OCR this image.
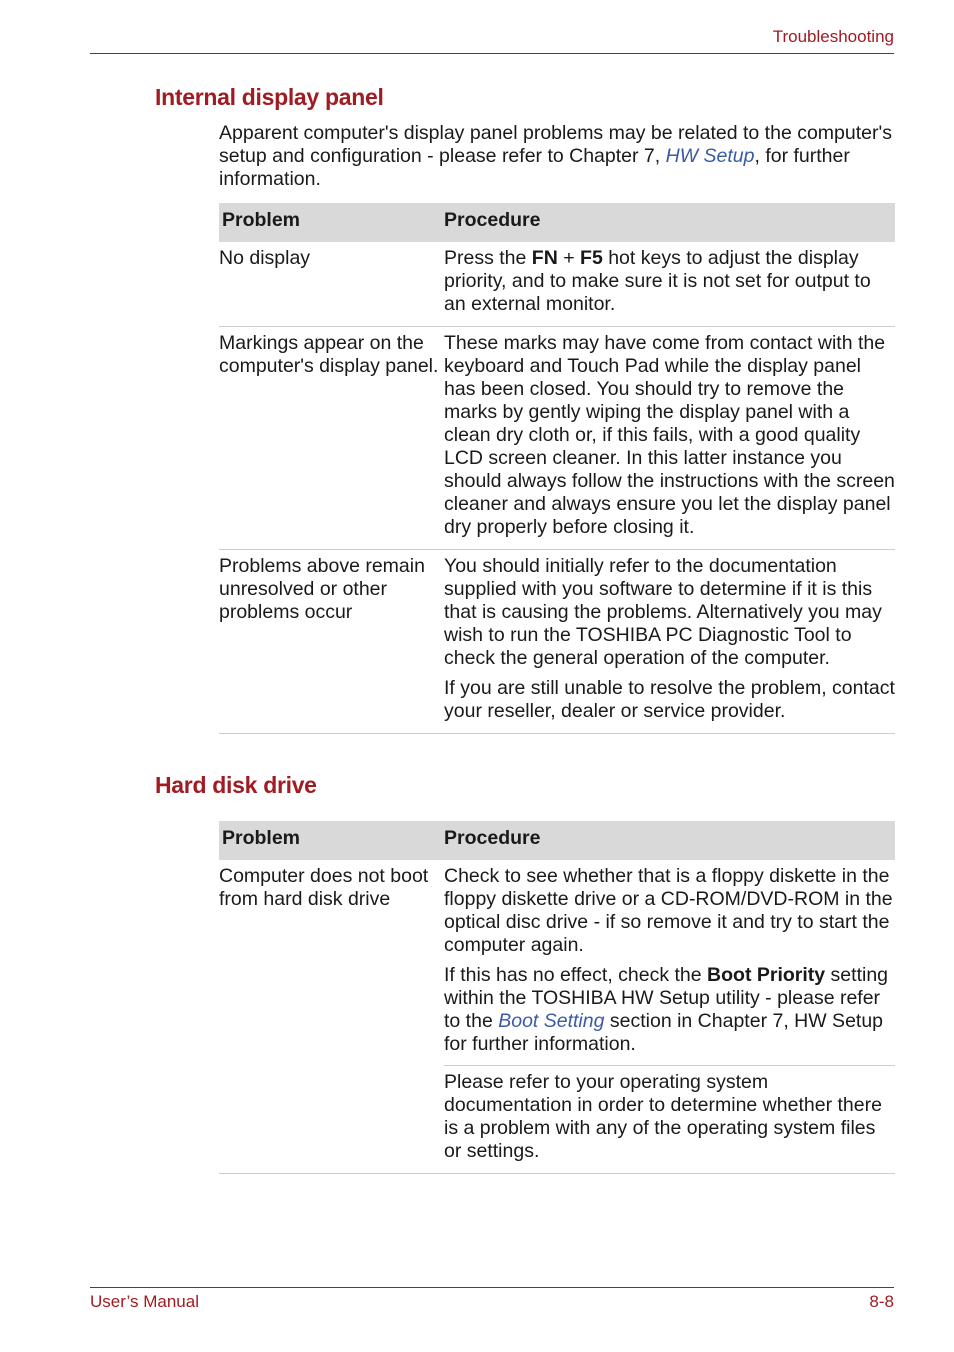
Troubleshooting
Internal display panel

Apparent computer's display panel problems may be related to the computer's setup and configuration - please refer to Chapter 7, HW Setup, for further information.

Problem	Procedure
No display	Press the FN + F5 hot keys to adjust the display priority, and to make sure it is not set for output to an external monitor.
Markings appear on the computer's display panel.	These marks may have come from contact with the keyboard and Touch Pad while the display panel has been closed. You should try to remove the marks by gently wiping the display panel with a clean dry cloth or, if this fails, with a good quality LCD screen cleaner. In this latter instance you should always follow the instructions with the screen cleaner and always ensure you let the display panel dry properly before closing it.
Problems above remain unresolved or other problems occur	You should initially refer to the documentation supplied with you software to determine if it is this that is causing the problems. Alternatively you may wish to run the TOSHIBA PC Diagnostic Tool to check the general operation of the computer.

If you are still unable to resolve the problem, contact your reseller, dealer or service provider.

Hard disk drive
Problem	Procedure
Computer does not boot from hard disk drive	Check to see whether that is a floppy diskette in the floppy diskette drive or a CD-ROM/DVD-ROM in the optical disc drive - if so remove it and try to start the computer again.

If this has no effect, check the Boot Priority setting within the TOSHIBA HW Setup utility - please refer to the Boot Setting section in Chapter 7, HW Setup for further information.

Please refer to your operating system documentation in order to determine whether there is a problem with any of the operating system files or settings.

User’s Manual	8-8
